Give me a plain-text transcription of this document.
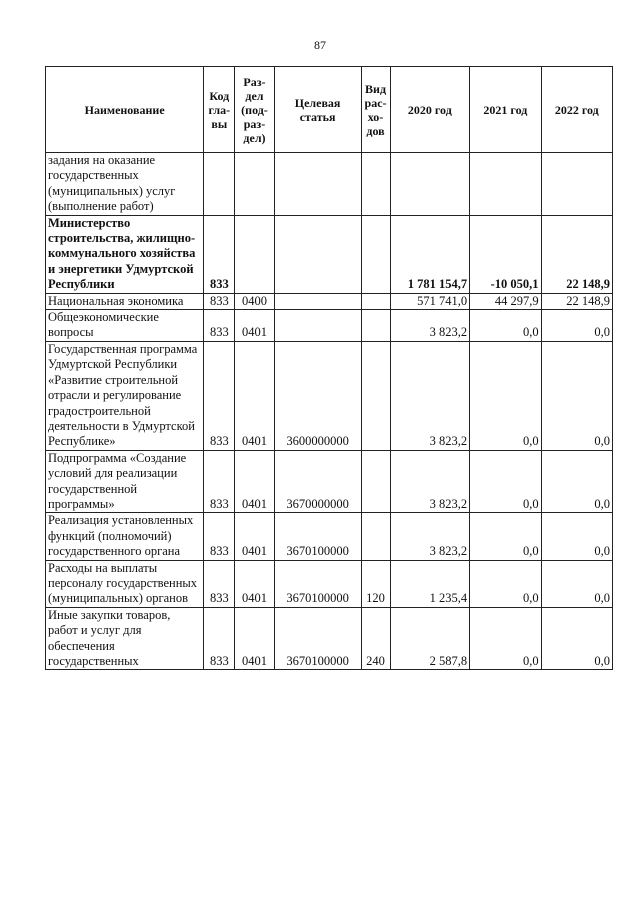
87
Наименование	Код гла- вы	Раз- дел (под- раз- дел)	Целевая статья	Вид рас- хо- дов	2020 год	2021 год	2022 год
задания на оказание государственных (муниципальных) услуг (выполнение работ)							
Министерство строительства, жилищно-коммунального хозяйства и энергетики Удмуртской Республики	833				1 781 154,7	-10 050,1	22 148,9
Национальная экономика	833	0400			571 741,0	44 297,9	22 148,9
Общеэкономические вопросы	833	0401			3 823,2	0,0	0,0
Государственная программа Удмуртской Республики «Развитие строительной отрасли и регулирование градостроительной деятельности в Удмуртской Республике»	833	0401	3600000000		3 823,2	0,0	0,0
Подпрограмма «Создание условий для реализации государственной программы»	833	0401	3670000000		3 823,2	0,0	0,0
Реализация установленных функций (полномочий) государственного органа	833	0401	3670100000		3 823,2	0,0	0,0
Расходы на выплаты персоналу государственных (муниципальных) органов	833	0401	3670100000	120	1 235,4	0,0	0,0
Иные закупки товаров, работ и услуг для обеспечения государственных	833	0401	3670100000	240	2 587,8	0,0	0,0
